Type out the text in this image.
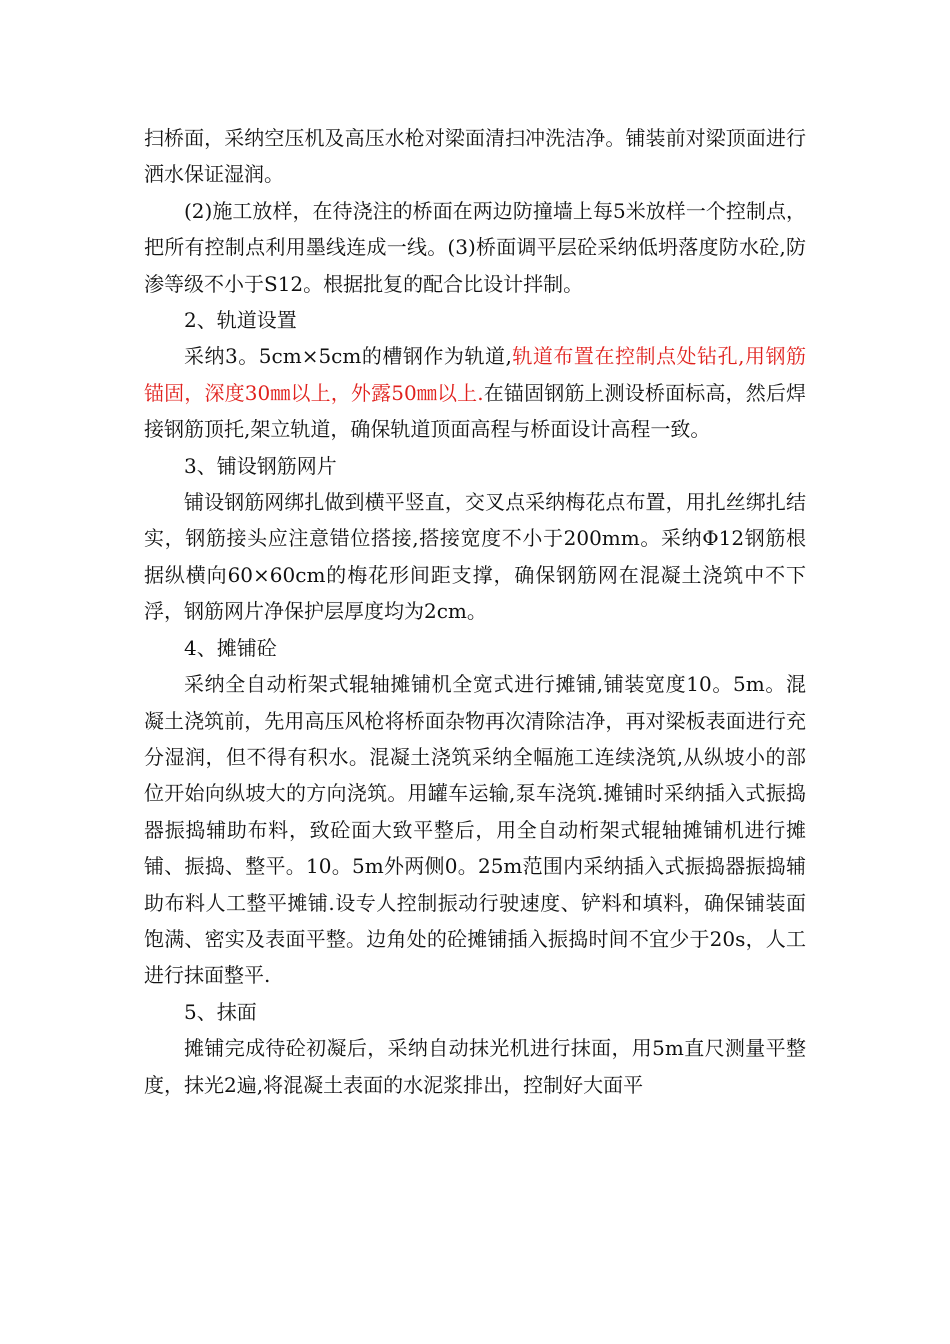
扫桥面，采纳空压机及高压水枪对梁面清扫冲洗洁净。铺装前对梁顶面进行洒水保证湿润。

(2)施工放样，在待浇注的桥面在两边防撞墙上每5米放样一个控制点，把所有控制点利用墨线连成一线。(3)桥面调平层砼采纳低坍落度防水砼,防渗等级不小于S12。根据批复的配合比设计拌制。

2、轨道设置

采纳3。5cm×5cm的槽钢作为轨道,轨道布置在控制点处钻孔,用钢筋锚固，深度30㎜以上，外露50㎜以上.在锚固钢筋上测设桥面标高，然后焊接钢筋顶托,架立轨道，确保轨道顶面高程与桥面设计高程一致。

3、铺设钢筋网片

铺设钢筋网绑扎做到横平竖直，交叉点采纳梅花点布置，用扎丝绑扎结实，钢筋接头应注意错位搭接,搭接宽度不小于200mm。采纳Φ12钢筋根据纵横向60×60cm的梅花形间距支撑，确保钢筋网在混凝土浇筑中不下浮，钢筋网片净保护层厚度均为2cm。

4、摊铺砼

采纳全自动桁架式辊轴摊铺机全宽式进行摊铺,铺装宽度10。5m。混凝土浇筑前，先用高压风枪将桥面杂物再次清除洁净，再对梁板表面进行充分湿润，但不得有积水。混凝土浇筑采纳全幅施工连续浇筑,从纵坡小的部位开始向纵坡大的方向浇筑。用罐车运输,泵车浇筑.摊铺时采纳插入式振捣器振捣辅助布料，致砼面大致平整后，用全自动桁架式辊轴摊铺机进行摊铺、振捣、整平。10。5m外两侧0。25m范围内采纳插入式振捣器振捣辅助布料人工整平摊铺.设专人控制振动行驶速度、铲料和填料，确保铺装面饱满、密实及表面平整。边角处的砼摊铺插入振捣时间不宜少于20s，人工进行抹面整平.

5、抹面

摊铺完成待砼初凝后，采纳自动抹光机进行抹面，用5m直尺测量平整度，抹光2遍,将混凝土表面的水泥浆排出，控制好大面平
